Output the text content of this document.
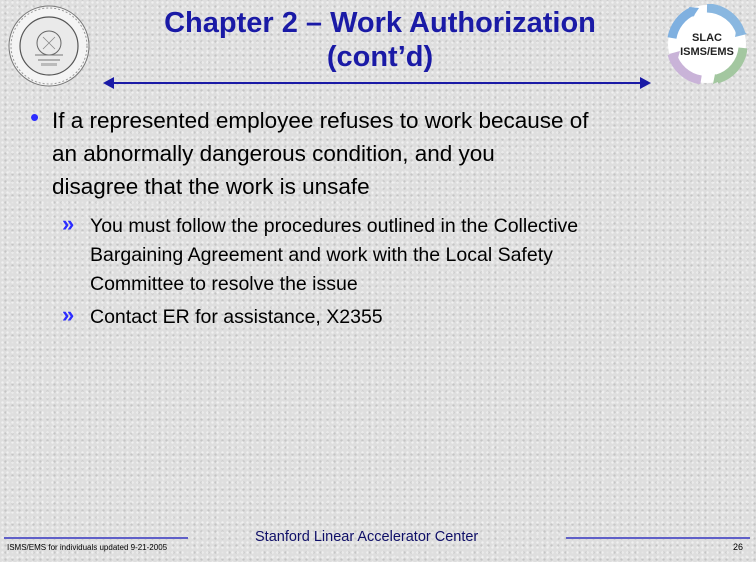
SLAC
ISMS/EMS
Chapter 2 – Work Authorization
(cont’d)
• If a represented employee refuses to work because of
an abnormally dangerous condition, and you
disagree that the work is unsafe
» You must follow the procedures outlined in the Collective
Bargaining Agreement and work with the Local Safety
Committee to resolve the issue
» Contact ER for assistance, X2355
ISMS/EMS for individuals updated 9-21-2005
Stanford Linear Accelerator Center
26
